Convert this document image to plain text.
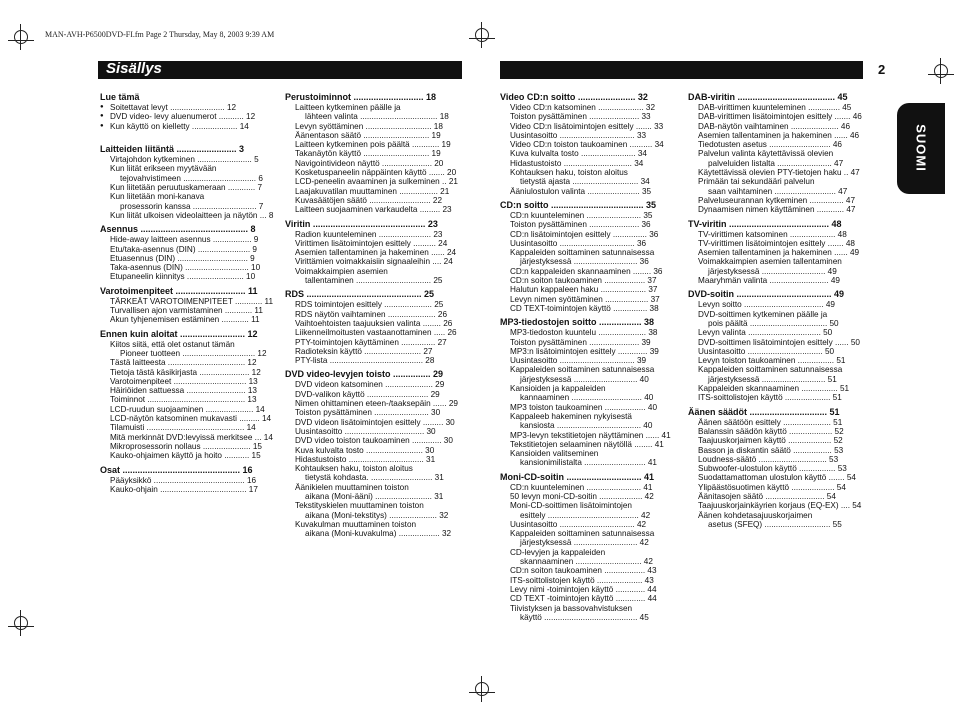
MAN-AVH-P6500DVD-FI.fm Page 2 Thursday, May 8, 2003 9:39 AM
Sisällys	2
SUOMI
Lue tämä
● Soitettavat levyt ........................ 12
● DVD video- levy aluenumerot ........... 12
● Kun käyttö on kielletty .................... 14

Laitteiden liitäntä ........................ 3
Virtajohdon kytkeminen ........................ 5
Kun liität erikseen myytävään
tejovahvistimeen ................................ 6
Kun liitetään peruutuskameraan ............ 7
Kun liitetään moni-kanava
prosessorin kanssa ............................ 7
Kun liität ulkoisen videolaitteen ja näytön ... 8
Asennus ........................................... 8
Hide-away laitteen asennus ................. 9
Etu/taka-asennus (DIN) ....................... 9
Etuasennus (DIN) ............................... 9
Taka-asennus (DIN) ............................ 10
Etupaneelin kiinnitys ......................... 10
Varotoimenpiteet ............................ 11
TÄRKEÄT VAROTOIMENPITEET ............ 11
Turvallisen ajon varmistaminen ............ 11
Akun tyhjenemisen estäminen ............ 11
Ennen kuin aloitat .......................... 12
Kiitos siitä, että olet ostanut tämän
Pioneer tuotteen ................................ 12
Tästä laitteesta .................................. 12
Tietoja tästä käsikirjasta ...................... 12
Varotoimenpiteet ................................ 13
Häiriöiden sattuessa .......................... 13
Toiminnot ........................................... 13
LCD-ruudun suojaaminen ..................... 14
LCD-näytön katsominen mukavasti ......... 14
Tilamuisti ........................................... 14
Mitä merkinnät DVD:levyissä merkitsee ... 14
Mikroprosessorin nollaus ..................... 15
Kauko-ohjaimen käyttö ja hoito ........... 15
Osat ............................................... 16
Pääyksikkö ........................................ 16
Kauko-ohjain ...................................... 17
Perustoiminnot ............................ 18
Laitteen kytkeminen päälle ja
lähteen valinta .................................. 18
Levyn syöttäminen ............................. 18
Äänentason säätö ............................. 19
Laitteen kytkeminen pois päältä ............ 19
Takanäytön käyttö ............................. 19
Navigointivideon näyttö ...................... 20
Kosketuspaneelin näppäinten käyttö ....... 20
LCD-peneelin avaaminen ja sulkeminen .. 21
Laajakuvatilan muuttaminen ................. 21
Kuvasäätöjen säätö ........................... 22
Laitteen suojaaminen varkaudelta ......... 23
Viritin ............................................. 23
Radion kuunteleminen ....................... 23
Virittimen lisätoimintojen esittely .......... 24
Asemien tallentaminen ja hakeminen ...... 24
Virittämien voimakkaisiin signaaleihin .... 24
Voimakkaimpien asemien
tallentaminen ................................. 25
RDS .............................................. 25
RDS toimintojen esittely ..................... 25
RDS näytön vaihtaminen ..................... 26
Vaihtoehtoisten taajuuksien valinta ........ 26
Liikenneilmoitusten vastaanottaminen ..... 26
PTY-toimintojen käyttäminen ............... 27
Radioteksin käyttö ......................... 27
PTY-lista ......................................... 28
DVD video-levyjen toisto ............... 29
DVD videon katsominen ..................... 29
DVD-valikon käyttö ........................... 29
Nimen ohittaminen eteen-/taaksepäin ...... 29
Toiston pysättäminen ........................ 30
DVD videon lisätoimintojen esittely ......... 30
Uusintasoitto ................................... 30
DVD video toiston taukoaminen ............. 30
Kuva kulvalta tosto ......................... 30
Hidastustoisto ................................. 31
Kohtauksen haku, toiston aloitus
tietystä kohdasta. ........................... 31
Äänikielen muuttaminen toiston
aikana (Moni-ääni) ......................... 31
Tekstityskielen muuttaminen toiston
aikana (Moni-tekstitys) ..................... 32
Kuvakulman muuttaminen toiston
aikana (Moni-kuvakulma) .................. 32
Video CD:n soitto ....................... 32
Video CD:n katsominen .................... 32
Toiston pysättäminen ...................... 33
Video CD:n lisätoimintojen esittely ....... 33
Uusintasoitto ................................. 33
Video CD:n toiston taukoaminen .......... 34
Kuva kulvalta tosto ........................ 34
Hidastustoisto .............................. 34
Kohtauksen haku, toiston aloitus
tietystä ajasta ............................. 34
Ääniulostulon valinta ....................... 35
CD:n soitto ..................................... 35
CD:n kuunteleminen ........................ 35
Toiston pysättäminen ...................... 36
CD:n lisätoimintojen esittely ............... 36
Uusintasoitto ................................. 36
Kappaleiden soittaminen satunnaisessa
järjestyksessä ............................ 36
CD:n kappaleiden skannaaminen ........ 36
CD:n soiton taukoaminen .................. 37
Halutun kappaleen haku .................... 37
Levyn nimen syöttäminen ................... 37
CD TEXT-toimintojen käyttö ............... 38
MP3-tiedostojen soitto ................. 38
MP3-tiedoston kuuntelu ..................... 38
Toiston pysättäminen ...................... 39
MP3:n lisätoimintojen esittely ............. 39
Uusintasoitto ................................. 39
Kappaleiden soittaminen satunnaisessa
järjestyksessä ............................ 40
Kansioiden ja kappaleiden
kannaaminen ............................... 40
MP3 toiston taukoaminen .................. 40
Kappaleeb hakeminen nykyisestä
kansiosta ..................................... 40
MP3-levyn tekstitietojen näyttäminen ...... 41
Tekstitietojen selaaminen näytöllä ........ 41
Kansioiden valitseminen
kansionimilistalta ........................... 41
Moni-CD-soitin .............................. 41
CD:n kuunteleminen ........................ 41
50 levyn moni-CD-soitin ................... 42
Moni-CD-soittimen lisätoimintojen
esittely ........................................ 42
Uusintasoitto ................................. 42
Kappaleiden soittaminen satunnaisessa
järjestyksessä ............................ 42
CD-levyjen ja kappaleiden
skannaaminen ............................. 42
CD:n soiton taukoaminen .................. 43
ITS-soittolistojen käyttö .................... 43
Levy nimi -toimintojen käyttö ............. 44
CD TEXT -toimintojen käyttö ............. 44
Tiivistyksen ja bassovahvistuksen
käyttö ......................................... 45
DAB-viritin ....................................... 45
DAB-virittimen kuunteleminen .............. 45
DAB-virittimen lisätoimintojen esittely ....... 46
DAB-näytön vaihtaminen ..................... 46
Asemien tallentaminen ja hakeminen ...... 46
Tiedotusten asetus ........................... 46
Palvelun valinta käytettävissä olevien
palveluiden listalta ........................ 47
Käytettävissä olevien PTY-tietojen haku .. 47
Primään tai sekundääri palvelun
saan vaihtaminen ........................... 47
Palveluseurannan kytkeminen ............... 47
Dynaamisen nimen käyttäminen ............ 47
TV-viritin ........................................ 48
TV-virittimen katsominen .................... 48
TV-virittimen lisätoimintojen esittely ....... 48
Asemien tallentaminen ja hakeminen ...... 49
Voimakkaimpien asemien tallentaminen
järjestyksessä ............................ 49
Maaryhmän valinta .......................... 49
DVD-soitin ...................................... 49
Levyn soitto ................................... 49
DVD-soittimen kytkeminen päälle ja
pois päältä .................................. 50
Levyn valinta ................................ 50
DVD-soittimen lisätoimintojen esittely ...... 50
Uusintasoitto ................................. 50
Levyn toiston taukoaminen ................ 51
Kappaleiden soittaminen satunnaisessa
järjestyksessä ............................ 51
Kappaleiden skannaaminen ................ 51
ITS-soittolistojen käyttö .................... 51
Äänen säädöt ............................... 51
Äänen säätöön esittely ..................... 51
Balanssin säädön käyttö ................... 52
Taajuuskorjaimen käyttö ................... 52
Basson ja diskantin säätö ................. 53
Loudness-säätö .............................. 53
Subwoofer-ulostulon käyttö ................ 53
Suodattamattoman ulostulon käyttö ....... 54
Ylipäästösuotimen käyttö ................... 54
Äänitasojen säätö .......................... 54
Taajuuskorjainkäyrien korjaus (EQ-EX) .... 54
Äänen kohdetasajuuskorjaimen
asetus (SFEQ) ............................. 55
